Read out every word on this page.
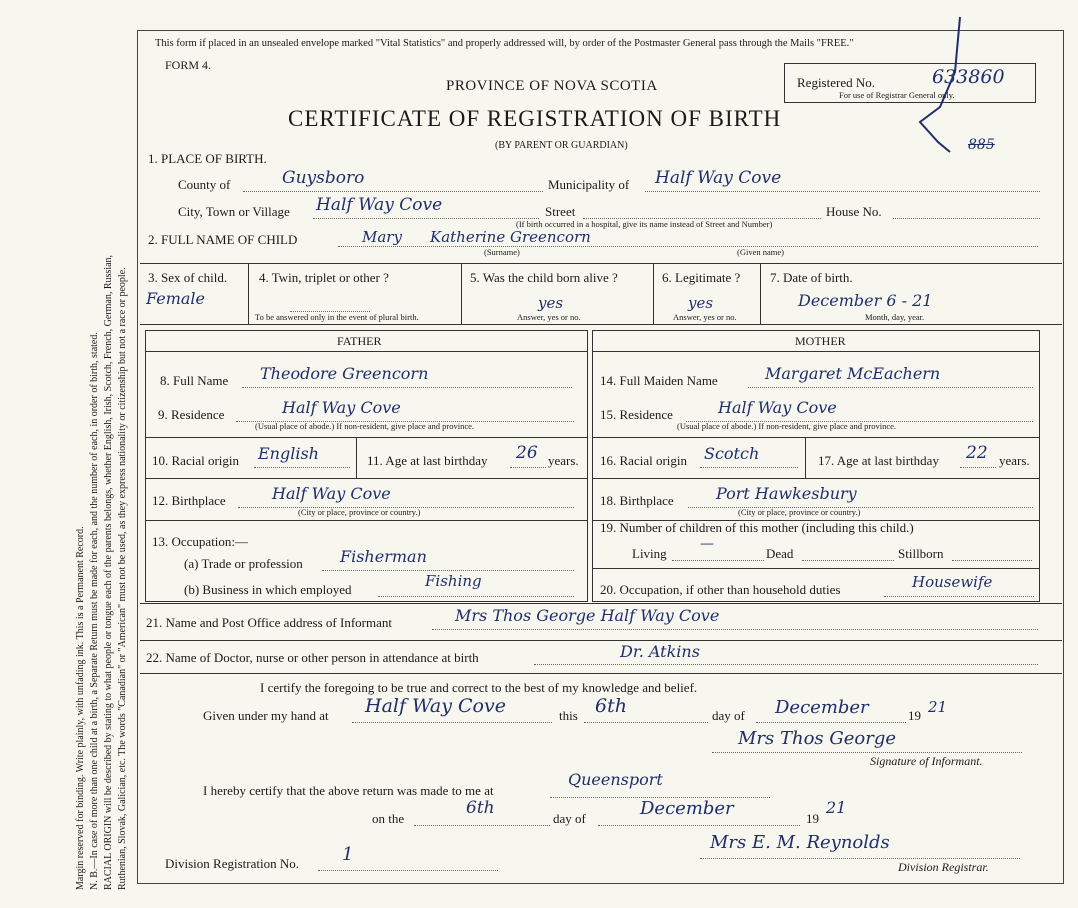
Margin reserved for binding. Write plainly, with unfading ink. This is a Permanent Record. N. B.—In case of more than one child at a birth, a Separate Return must be made for each, and the number of each, in order of birth, stated. RACIAL ORIGIN will be described by stating to what people or tongue each of the parents belongs, whether English, Irish, Scotch, French, German, Russian, Ruthenian, Slovak, Galician, etc. The words "Canadian" or "American" must not be used, as they express nationality or citizenship but not a race or people.
This form if placed in an unsealed envelope marked "Vital Statistics" and properly addressed will, by order of the Postmaster General pass through the Mails "FREE."
FORM 4.
PROVINCE OF NOVA SCOTIA
CERTIFICATE OF REGISTRATION OF BIRTH
(BY PARENT OR GUARDIAN)
Registered No.	633860
For use of Registrar General only.
885
1. PLACE OF BIRTH.
County of	Guysboro	Municipality of Half Way Cove
City, Town or Village Half Way Cove	Street	House No.
(If birth occurred in a hospital, give its name instead of Street and Number)
2. FULL NAME OF CHILD	Mary Katherine Greencorn
(Surname)	(Given name)
3. Sex of child.
Female
4. Twin, triplet or other ?
To be answered only in the event of plural birth.
5. Was the child born alive ?
yes
Answer, yes or no.
6. Legitimate ?
yes
Answer, yes or no.
7. Date of birth.
December 6 - 21
Month, day, year.
FATHER	MOTHER
8. Full Name Theodore Greencorn
9. Residence	Half Way Cove
(Usual place of abode.) If non-resident, give place and province.
10. Racial origin English	11. Age at last birthday 26 years.
12. Birthplace	Half Way Cove
(City or place, province or country.)
13. Occupation:—
(a) Trade or profession Fisherman
(b) Business in which employed	Fishing
14. Full Maiden Name	Margaret McEachern
15. Residence	Half Way Cove
(Usual place of abode.) If non-resident, give place and province.
16. Racial origin Scotch	17. Age at last birthday 22 years.
18. Birthplace	Port Hawkesbury
(City or place, province or country.)
19. Number of children of this mother (including this child.)
Living
—
Dead	Stillborn
20. Occupation, if other than household duties	Housewife
21. Name and Post Office address of Informant	Mrs Thos George Half Way Cove
22. Name of Doctor, nurse or other person in attendance at birth	Dr. Atkins
I certify the foregoing to be true and correct to the best of my knowledge and belief.
Given under my hand at Half Way Cove	this 6th	day of December	19 21
Mrs Thos George
Signature of Informant.
I hereby certify that the above return was made to me at
Queensport
on the
6th
day of	December	19
21
Division Registration No. 1
Mrs E. M. Reynolds
Division Registrar.
